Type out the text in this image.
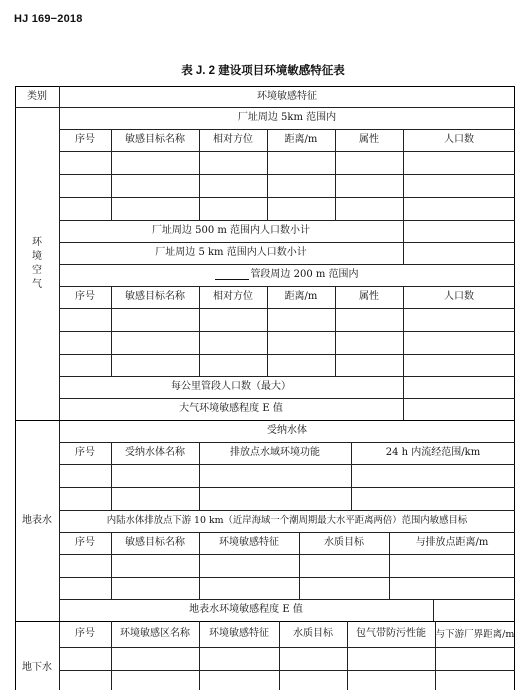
HJ 169−2018
表 J. 2 建设项目环境敏感特征表
类别	环境敏感特征
环
境
空
气
厂址周边 5km 范围内
序号	敏感目标名称	相对方位	距离/m	属性	人口数
厂址周边 500 m 范围内人口数小计
厂址周边 5 km 范围内人口数小计
管段周边 200 m 范围内
序号	敏感目标名称	相对方位	距离/m	属性	人口数
每公里管段人口数（最大）
大气环境敏感程度 E 值
地表水
受纳水体
序号	受纳水体名称	排放点水域环境功能	24 h 内流经范围/km
内陆水体排放点下游 10 km（近岸海域一个潮周期最大水平距离两倍）范围内敏感目标
序号	敏感目标名称	环境敏感特征	水质目标	与排放点距离/m
地表水环境敏感程度 E 值
地下水
序号	环境敏感区名称	环境敏感特征	水质目标	包气带防污性能	与下游厂界距离/m
